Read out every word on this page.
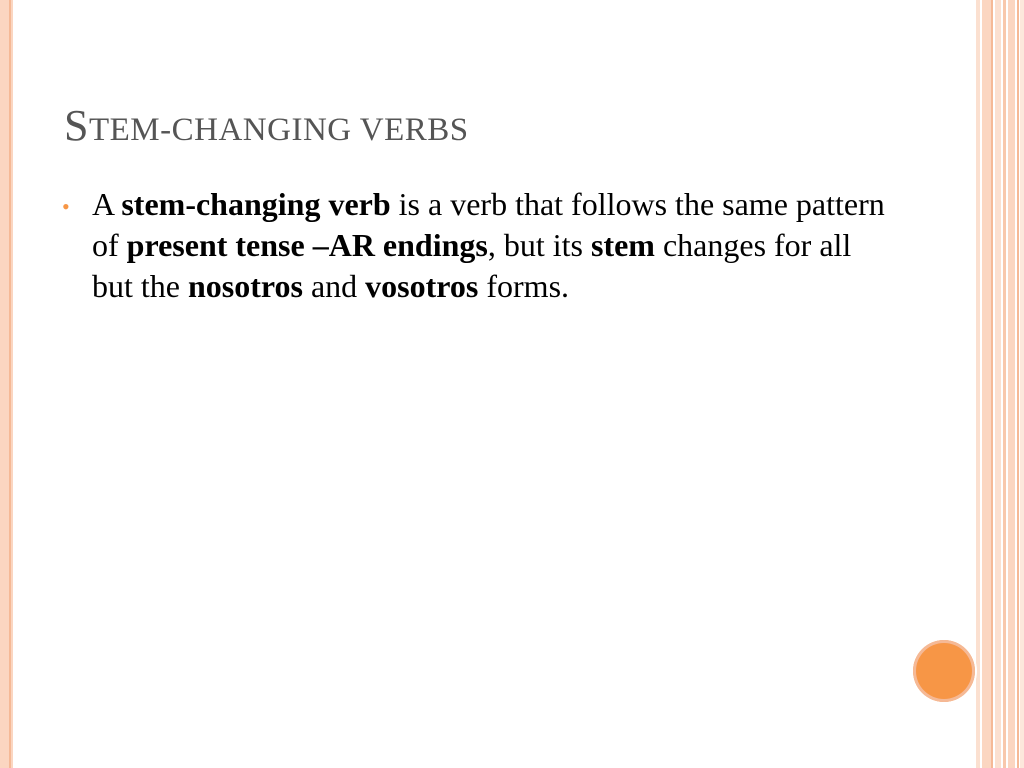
STEM-CHANGING VERBS
• A stem-changing verb is a verb that follows the same pattern of present tense –AR endings, but its stem changes for all but the nosotros and vosotros forms.
